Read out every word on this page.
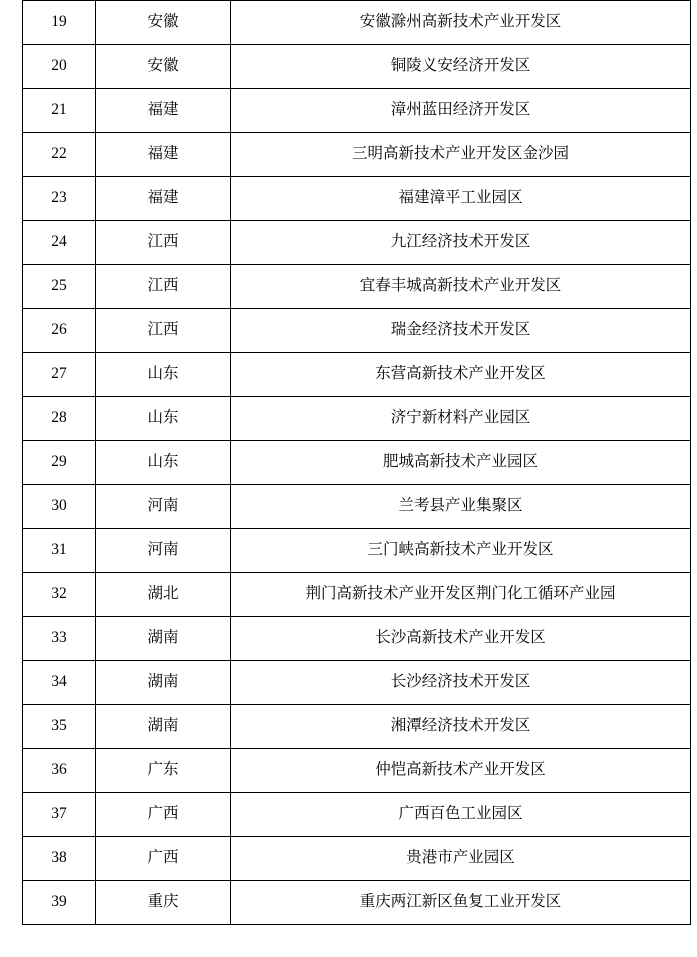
19	安徽	安徽滁州高新技术产业开发区
20	安徽	铜陵义安经济开发区
21	福建	漳州蓝田经济开发区
22	福建	三明高新技术产业开发区金沙园
23	福建	福建漳平工业园区
24	江西	九江经济技术开发区
25	江西	宜春丰城高新技术产业开发区
26	江西	瑞金经济技术开发区
27	山东	东营高新技术产业开发区
28	山东	济宁新材料产业园区
29	山东	肥城高新技术产业园区
30	河南	兰考县产业集聚区
31	河南	三门峡高新技术产业开发区
32	湖北	荆门高新技术产业开发区荆门化工循环产业园
33	湖南	长沙高新技术产业开发区
34	湖南	长沙经济技术开发区
35	湖南	湘潭经济技术开发区
36	广东	仲恺高新技术产业开发区
37	广西	广西百色工业园区
38	广西	贵港市产业园区
39	重庆	重庆两江新区鱼复工业开发区
